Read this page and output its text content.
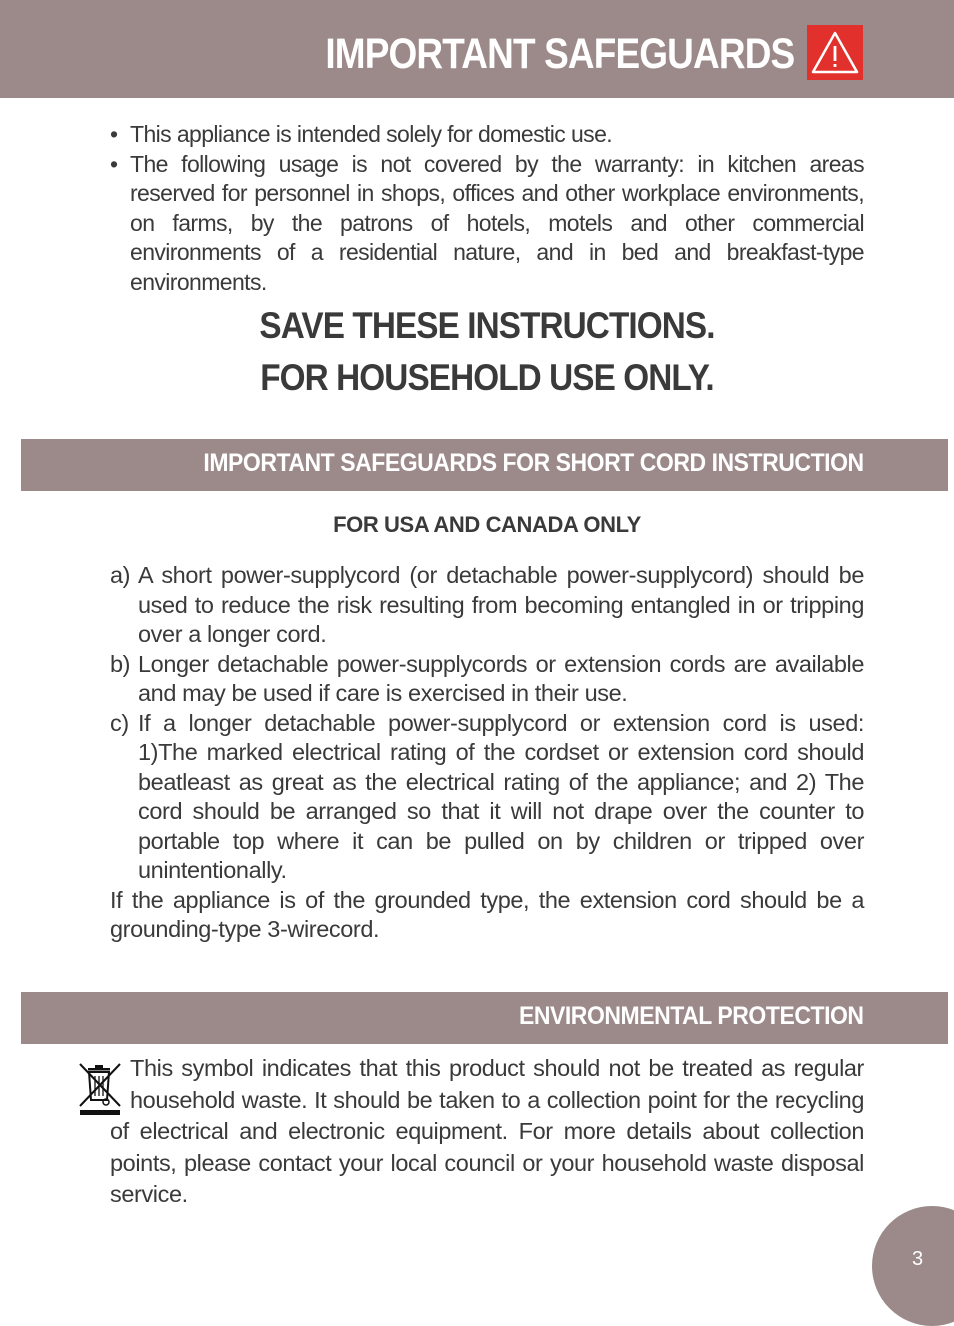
IMPORTANT SAFEGUARDS
• This appliance is intended solely for domestic use.
• The following usage is not covered by the warranty: in kitchen areas reserved for personnel in shops, offices and other workplace environments, on farms, by the patrons of hotels, motels and other commercial environments of a residential nature, and in bed and breakfast-type environments.
SAVE THESE INSTRUCTIONS.
FOR HOUSEHOLD USE ONLY.
IMPORTANT SAFEGUARDS FOR SHORT CORD INSTRUCTION
FOR USA AND CANADA ONLY
a) A short power-supplycord (or detachable power-supplycord) should be used to reduce the risk resulting from becoming entangled in or tripping over a longer cord.
b) Longer detachable power-supplycords or extension cords are available and may be used if care is exercised in their use.
c) If a longer detachable power-supplycord or extension cord is used: 1)The marked electrical rating of the cordset or extension cord should beatleast as great as the electrical rating of the appliance; and 2) The cord should be arranged so that it will not drape over the counter to portable top where it can be pulled on by children or tripped over unintentionally.
If the appliance is of the grounded type, the extension cord should be a grounding-type 3-wirecord.
ENVIRONMENTAL PROTECTION
This symbol indicates that this product should not be treated as regular household waste. It should be taken to a collection point for the recycling of electrical and electronic equipment. For more details about collection points, please contact your local council or your household waste disposal service.
3
